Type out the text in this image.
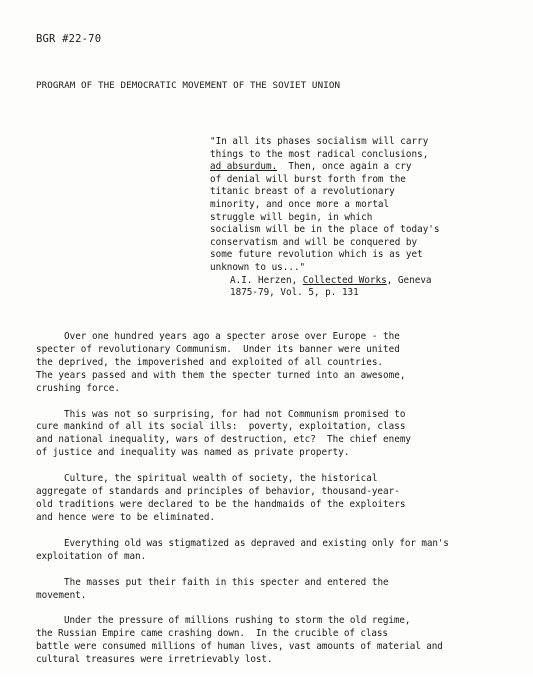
BGR #22-70
PROGRAM OF THE DEMOCRATIC MOVEMENT OF THE SOVIET UNION
"In all its phases socialism will carry
things to the most radical conclusions,
ad absurdum.  Then, once again a cry
of denial will burst forth from the
titanic breast of a revolutionary
minority, and once more a mortal
struggle will begin, in which
socialism will be in the place of today's
conservatism and will be conquered by
some future revolution which is as yet
unknown to us..."
A.I. Herzen, Collected Works, Geneva
1875-79, Vol. 5, p. 131
Over one hundred years ago a specter arose over Europe - the
specter of revolutionary Communism.  Under its banner were united
the deprived, the impoverished and exploited of all countries.
The years passed and with them the specter turned into an awesome,
crushing force.
This was not so surprising, for had not Communism promised to
cure mankind of all its social ills:  poverty, exploitation, class
and national inequality, wars of destruction, etc?  The chief enemy
of justice and inequality was named as private property.
Culture, the spiritual wealth of society, the historical
aggregate of standards and principles of behavior, thousand-year-
old traditions were declared to be the handmaids of the exploiters
and hence were to be eliminated.
Everything old was stigmatized as depraved and existing only for man's
exploitation of man.
The masses put their faith in this specter and entered the
movement.
Under the pressure of millions rushing to storm the old regime,
the Russian Empire came crashing down.  In the crucible of class
battle were consumed millions of human lives, vast amounts of material and
cultural treasures were irretrievably lost.
